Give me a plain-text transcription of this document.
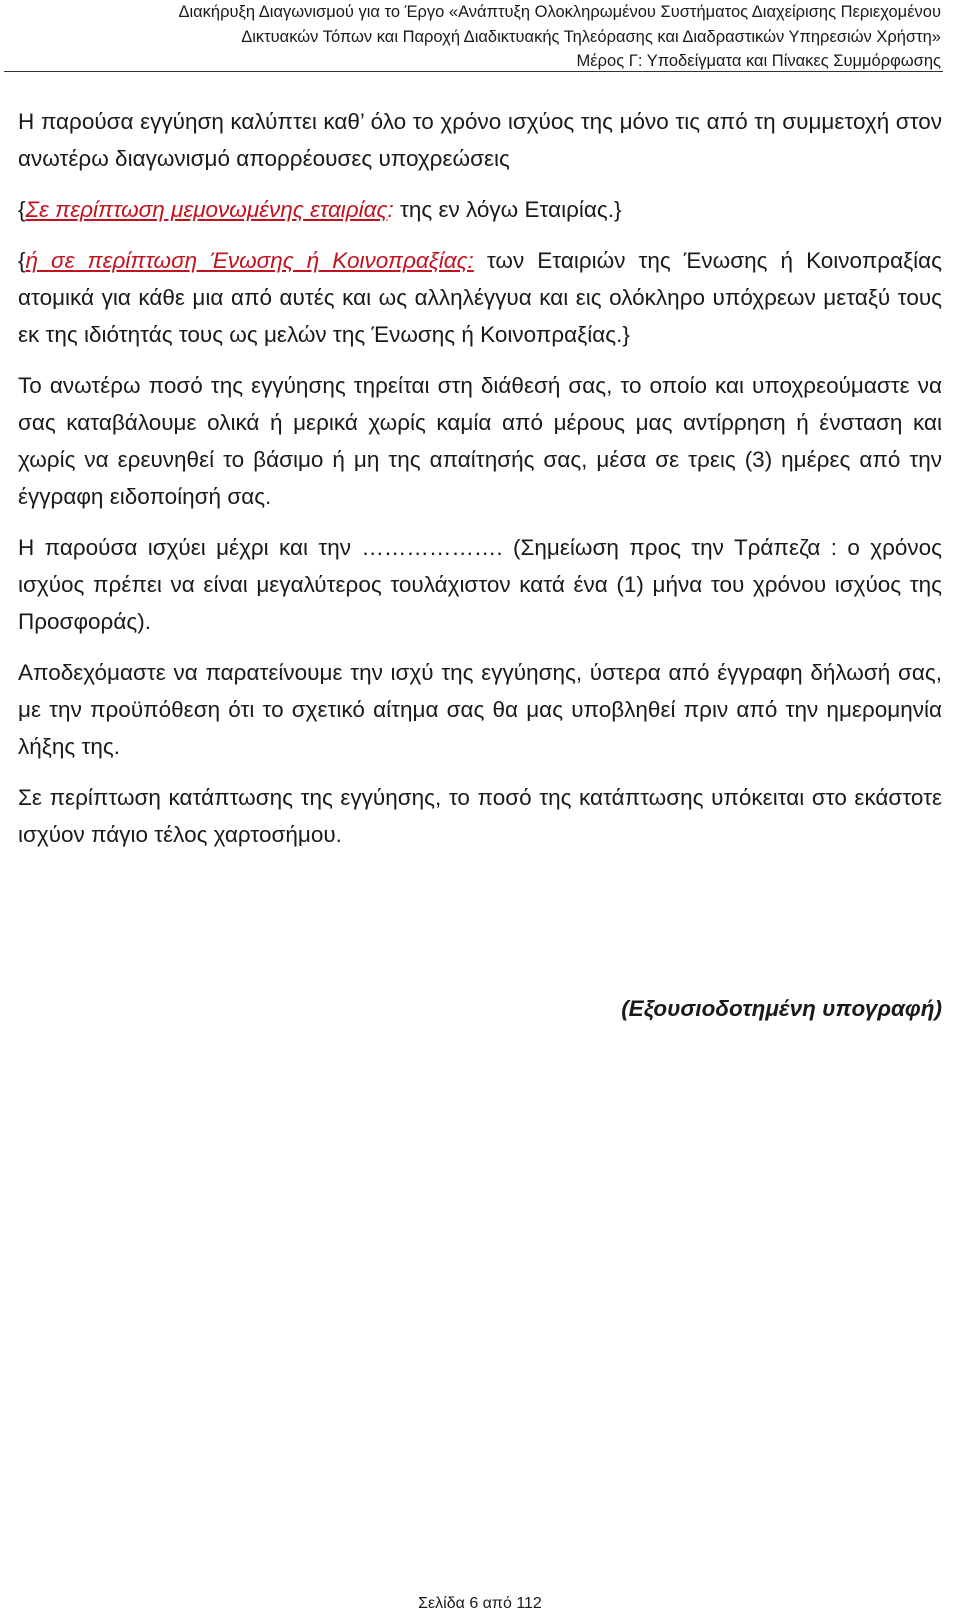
Διακήρυξη Διαγωνισμού για το Έργο «Ανάπτυξη Ολοκληρωμένου Συστήματος Διαχείρισης Περιεχομένου
Δικτυακών Τόπων και Παροχή Διαδικτυακής Τηλεόρασης και Διαδραστικών Υπηρεσιών Χρήστη»
Μέρος Γ: Υποδείγματα και Πίνακες Συμμόρφωσης

Η παρούσα εγγύηση καλύπτει καθ’ όλο το χρόνο ισχύος της μόνο τις από τη συμμετοχή στον ανωτέρω διαγωνισμό απορρέουσες υποχρεώσεις

{Σε περίπτωση μεμονωμένης εταιρίας: της εν λόγω Εταιρίας.}

{ή σε περίπτωση Ένωσης ή Κοινοπραξίας: των Εταιριών της Ένωσης ή Κοινοπραξίας ατομικά για κάθε μια από αυτές και ως αλληλέγγυα και εις ολόκληρο υπόχρεων μεταξύ τους εκ της ιδιότητάς τους ως μελών της Ένωσης ή Κοινοπραξίας.}

Το ανωτέρω ποσό της εγγύησης τηρείται στη διάθεσή σας, το οποίο και υποχρεούμαστε να σας καταβάλουμε ολικά ή μερικά χωρίς καμία από μέρους μας αντίρρηση ή ένσταση και χωρίς να ερευνηθεί το βάσιμο ή μη της απαίτησής σας, μέσα σε τρεις (3) ημέρες από την έγγραφη ειδοποίησή σας.

Η παρούσα ισχύει μέχρι και την ………………. (Σημείωση προς την Τράπεζα : ο χρόνος ισχύος πρέπει να είναι μεγαλύτερος τουλάχιστον κατά ένα (1) μήνα του χρόνου ισχύος της Προσφοράς).

Αποδεχόμαστε να παρατείνουμε την ισχύ της εγγύησης, ύστερα από έγγραφη δήλωσή σας, με την προϋπόθεση ότι το σχετικό αίτημα σας θα μας υποβληθεί πριν από την ημερομηνία λήξης της.

Σε περίπτωση κατάπτωσης της εγγύησης, το ποσό της κατάπτωσης υπόκειται στο εκάστοτε ισχύον πάγιο τέλος χαρτοσήμου.

(Εξουσιοδοτημένη υπογραφή)
Σελίδα 6 από 112
